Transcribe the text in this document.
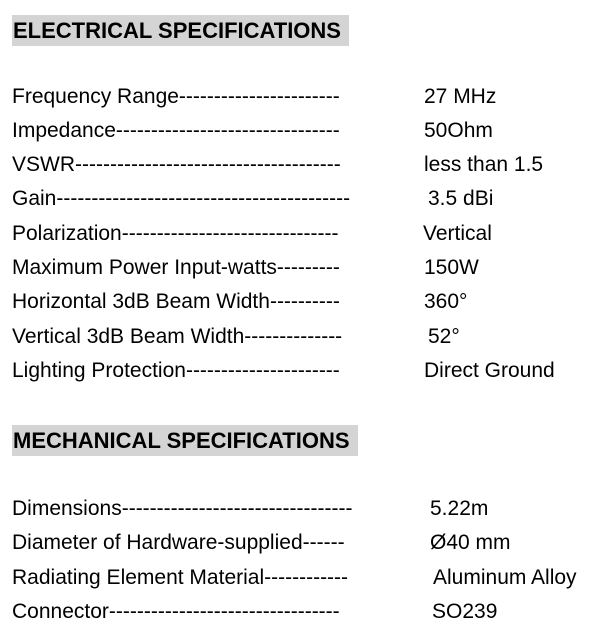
ELECTRICAL SPECIFICATIONS
Frequency Range-----------------------	27 MHz
Impedance--------------------------------	50Ohm
VSWR--------------------------------------	less than 1.5
Gain------------------------------------------	3.5 dBi
Polarization-------------------------------	Vertical
Maximum Power Input-watts---------	150W
Horizontal 3dB Beam Width----------	360°
Vertical 3dB Beam Width--------------	52°
Lighting Protection----------------------	Direct Ground
MECHANICAL SPECIFICATIONS
Dimensions---------------------------------	5.22m
Diameter of Hardware-supplied------	Ø40 mm
Radiating Element Material------------	Aluminum Alloy
Connector---------------------------------	SO239
